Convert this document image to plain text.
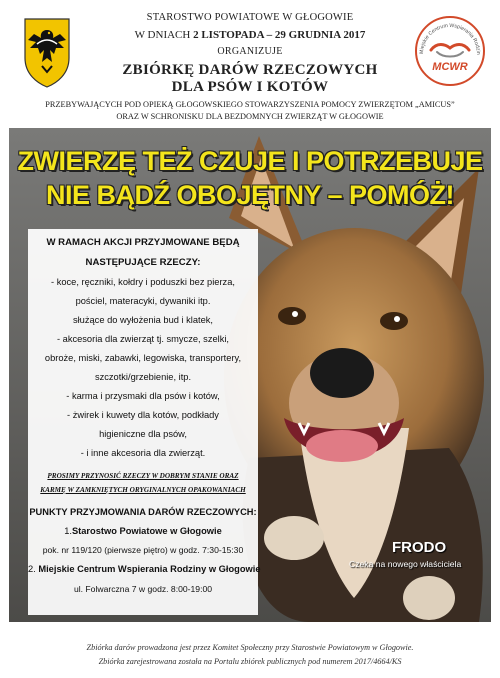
STAROSTWO POWIATOWE W GŁOGOWIE
W DNIACH 2 LISTOPADA – 29 GRUDNIA 2017
ORGANIZUJE
ZBIÓRKĘ DARÓW RZECZOWYCH
DLA PSÓW I KOTÓW
PRZEBYWAJĄCYCH POD OPIEKĄ GŁOGOWSKIEGO STOWARZYSZENIA POMOCY ZWIERZĘTOM „AMICUS”
ORAZ W SCHRONISKU DLA BEZDOMNYCH ZWIERZĄT W GŁOGOWIE
Miejskie Centrum Wspierania Rodzin
MCWR
ZWIERZĘ TEŻ CZUJE I POTRZEBUJE
NIE BĄDŹ OBOJĘTNY – POMÓŻ!
W RAMACH AKCJI PRZYJMOWANE BĘDĄ
NASTĘPUJĄCE RZECZY:
- koce, ręczniki, kołdry i poduszki bez pierza,
pościel, materacyki, dywaniki itp.
służące do wyłożenia bud i klatek,
- akcesoria dla zwierząt tj. smycze, szelki,
obroże, miski, zabawki, legowiska, transportery,
szczotki/grzebienie, itp.
- karma i przysmaki dla psów i kotów,
- żwirek i kuwety dla kotów, podkłady
higieniczne dla psów,
- i inne akcesoria dla zwierząt.
PROSIMY PRZYNOSIĆ RZECZY W DOBRYM STANIE ORAZ
KARMĘ W ZAMKNIĘTYCH ORYGINALNYCH OPAKOWANIACH
PUNKTY PRZYJMOWANIA DARÓW RZECZOWYCH:
1.Starostwo Powiatowe w Głogowie
pok. nr 119/120 (pierwsze piętro) w godz. 7:30-15:30
2. Miejskie Centrum Wspierania Rodziny w Głogowie
ul. Folwarczna 7 w godz. 8:00-19:00
FRODO
Czeka na nowego właściciela
Zbiórka darów prowadzona jest przez Komitet Społeczny przy Starostwie Powiatowym w Głogowie.
Zbiórka zarejestrowana została na Portalu zbiórek publicznych pod numerem 2017/4664/KS
